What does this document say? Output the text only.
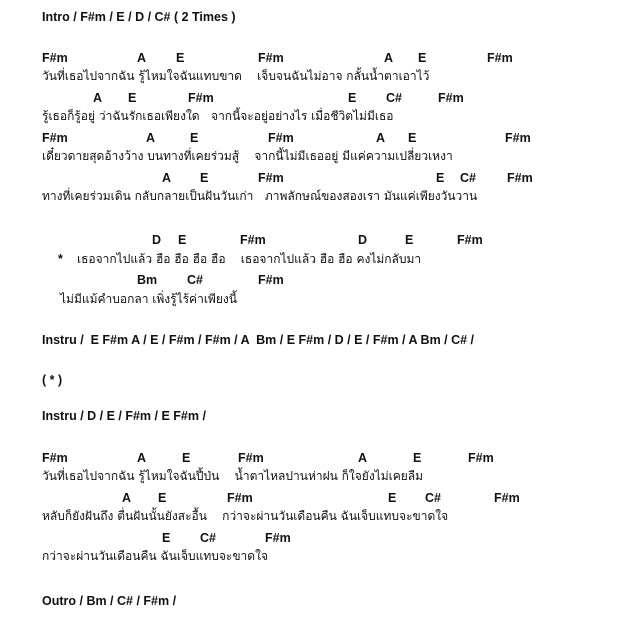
Intro / F#m / E / D / C# ( 2 Times )
F#m	A E	F#m	A E	F#m
วันที่เธอไปจากฉัน รู้ไหมใจฉันแทบขาด    เจ็บจนฉันไม่อาจ กลั้นน้ำตาเอาไว้
A E	F#m	E C#	F#m
รู้เธอก็รู้อยู่ ว่าฉันรักเธอเพียงใด   จากนี้จะอยู่อย่างไร เมื่อชีวิตไม่มีเธอ
F#m	A	E	F#m	A E	F#m
เดี๋ยวดายสุดอ้างว้าง บนทางที่เคยร่วมสู้    จากนี้ไม่มีเธออยู่ มีแค่ความเปลี่ยวเหงา
A E	F#m	E C# F#m
ทางที่เคยร่วมเดิน กลับกลายเป็นฝันวันเก่า   ภาพลักษณ์ของสองเรา มันแค่เพียงวันวาน
D E	F#m	D	E	F#m
* เธอจากไปแล้ว ฮือ ฮือ ฮือ ฮือ    เธอจากไปแล้ว ฮือ ฮือ คงไม่กลับมา
Bm C#	F#m
ไม่มีแม้คำบอกลา เพิ่งรู้ไร้ค่าเพียงนี้
Instru /  E F#m A / E / F#m / F#m / A  Bm / E F#m / D / E / F#m / A Bm / C# /
( * )
Instru / D / E / F#m / E F#m /
F#m	A	E	F#m	A	E	F#m
วันที่เธอไปจากฉัน รู้ไหมใจฉันปี้ป่น    น้ำตาไหลปานห่าฝน ก็ใจยังไม่เคยลืม
A E	F#m	E C#	F#m
หลับก็ยังฝันถึง ตื่นฝันนั้นยังสะอื้น    กว่าจะผ่านวันเดือนคืน ฉันเจ็บแทบจะขาดใจ
E C#	F#m
กว่าจะผ่านวันเดือนคืน ฉันเจ็บแทบจะขาดใจ
Outro / Bm / C# / F#m /
